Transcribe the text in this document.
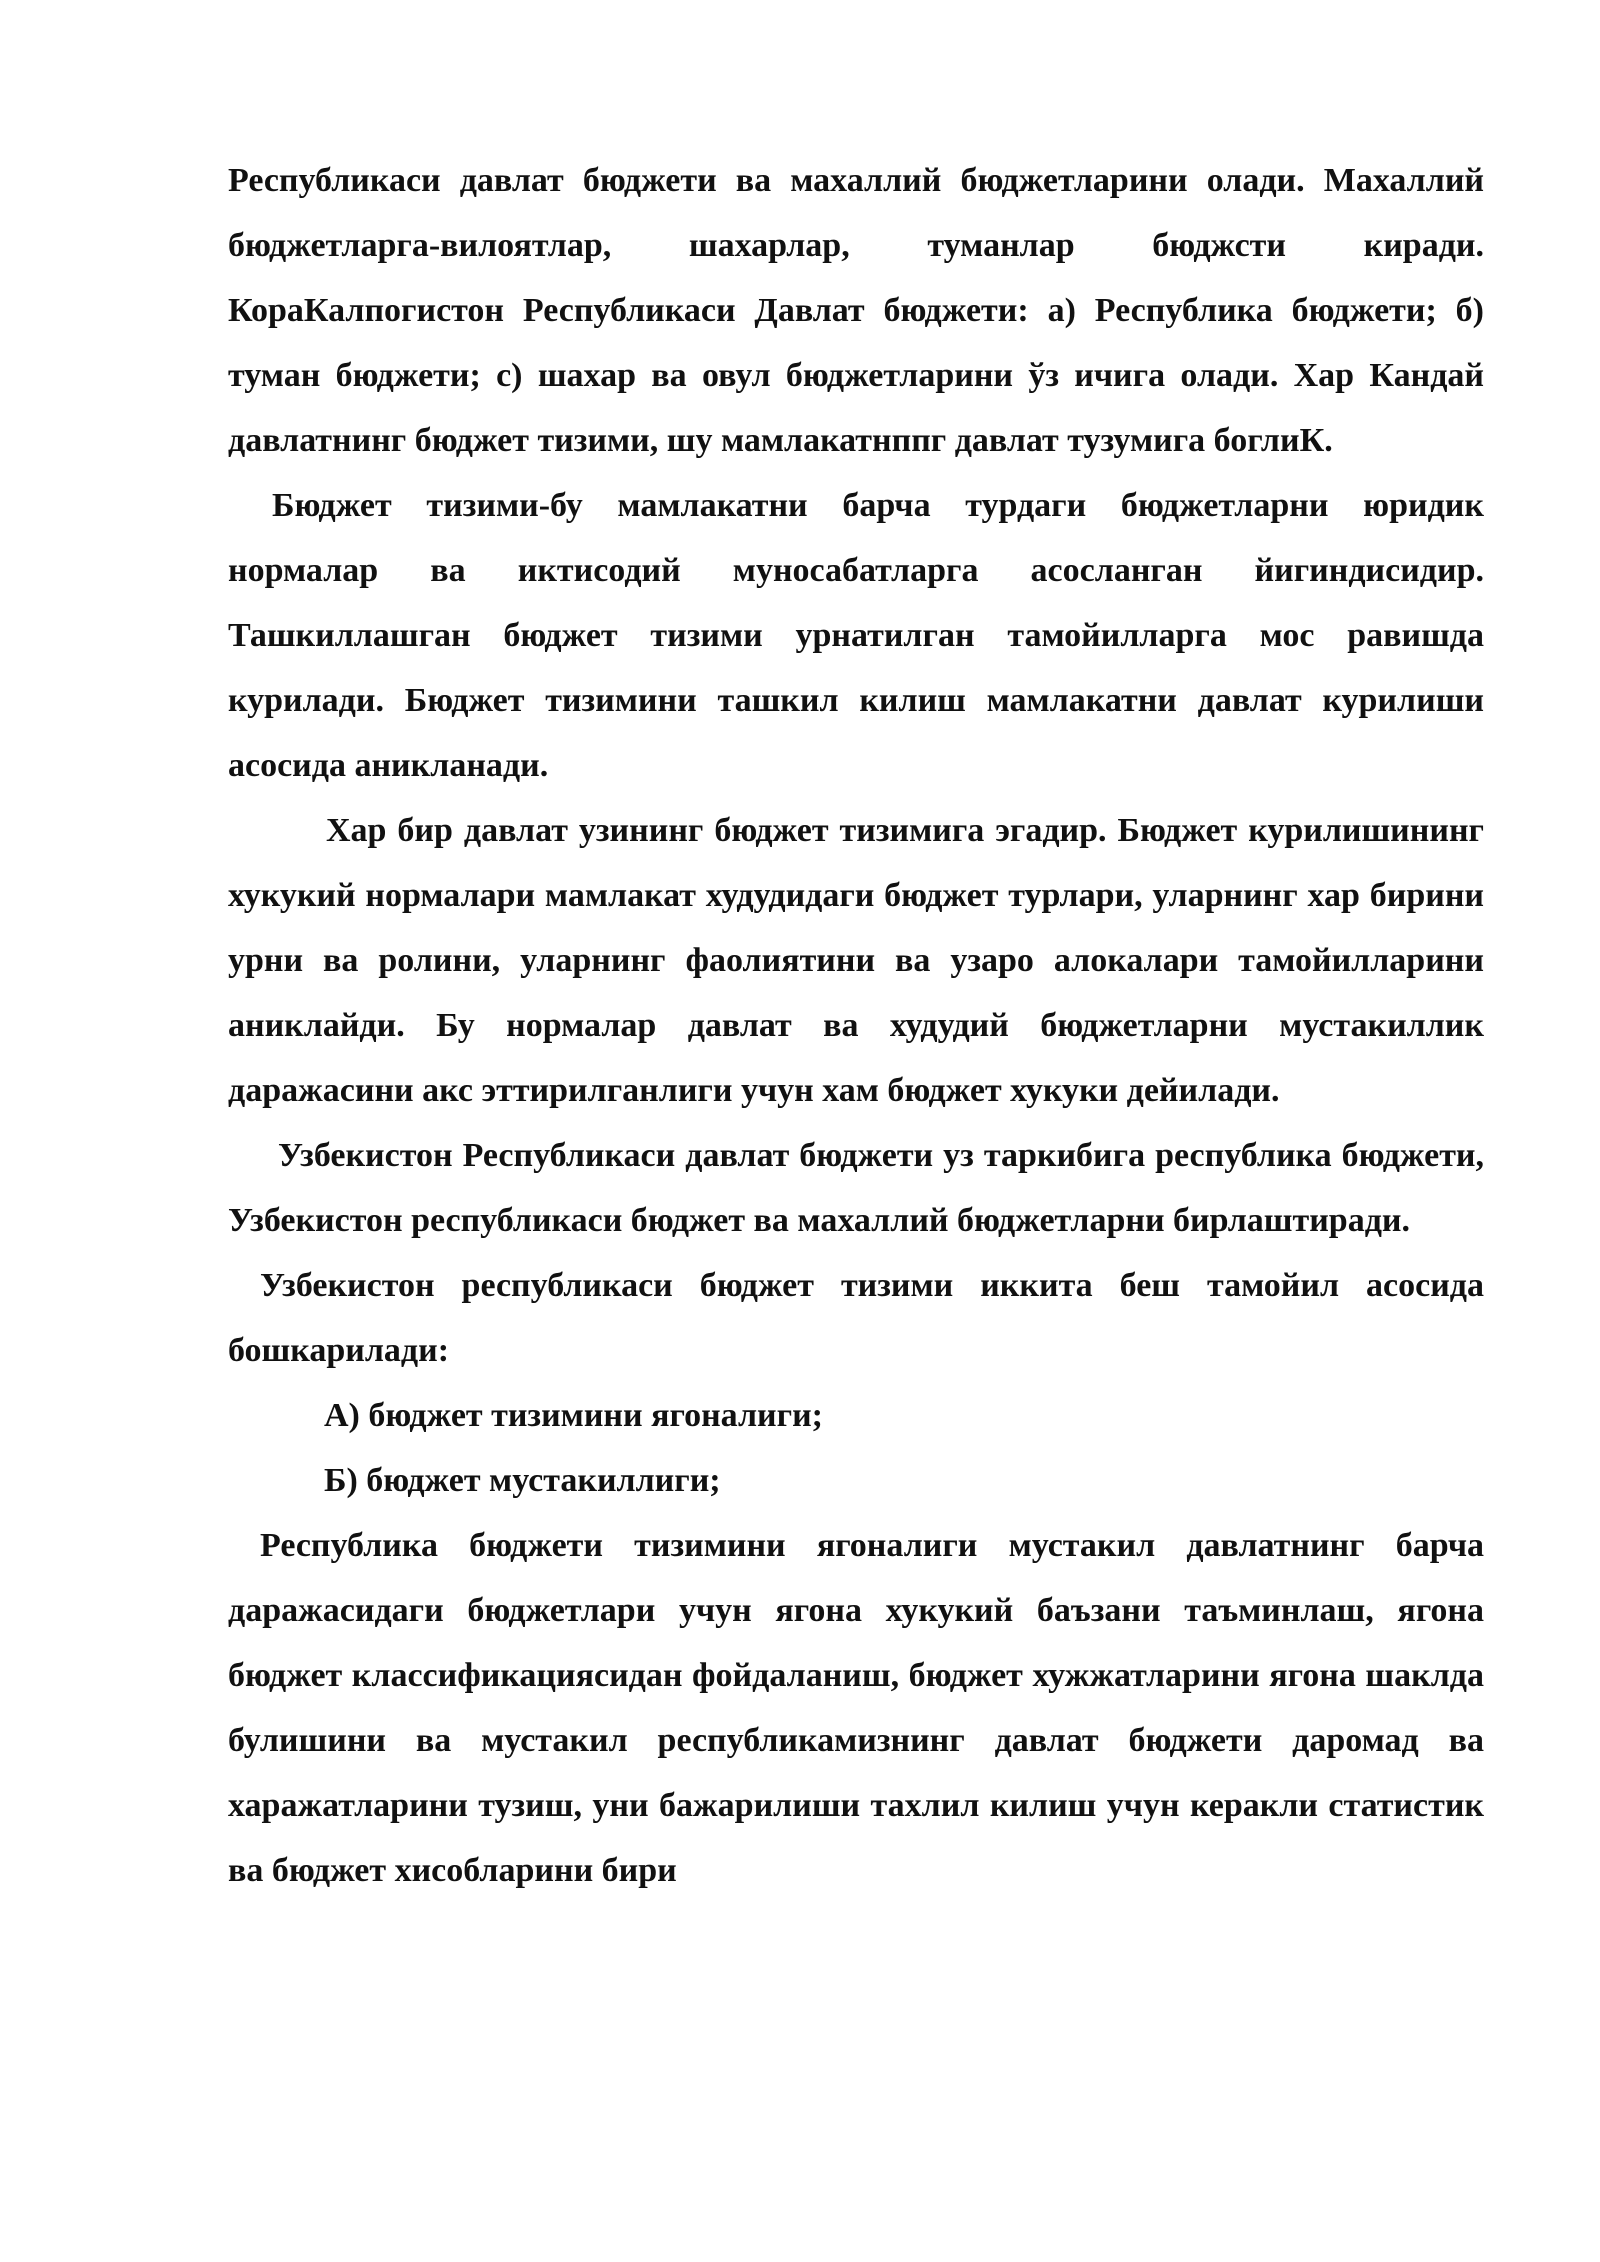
Республикаси давлат бюджети ва махаллий бюджетларини олади. Махаллий бюджетларга-вилоятлар, шахарлар, туманлар бюджсти киради. КораКалпогистон Республикаси Давлат бюджети: а) Республика бюджети; б) туман бюджети; с) шахар ва овул бюджетларини ўз ичига олади. Хар Кандай давлатнинг бюджет тизими, шу мамлакатнппг давлат тузумига боглиК.

Бюджет тизими-бу мамлакатни барча турдаги бюджетларни юридик нормалар ва иктисодий муносабатларга асосланган йигиндисидир. Ташкиллашган бюджет тизими урнатилган тамойилларга мос равишда курилади. Бюджет тизимини ташкил килиш мамлакатни давлат курилиши асосида аникланади.

Хар бир давлат узининг бюджет тизимига эгадир. Бюджет курилишининг хукукий нормалари мамлакат худудидаги бюджет турлари, уларнинг хар бирини урни ва ролини, уларнинг фаолиятини ва узаро алокалари тамойилларини аниклайди. Бу нормалар давлат ва худудий бюджетларни мустакиллик даражасини акс эттирилганлиги учун хам бюджет хукуки дейилади.

Узбекистон Республикаси давлат бюджети уз таркибига республика бюджети, Узбекистон республикаси бюджет ва махаллий бюджетларни бирлаштиради.

Узбекистон республикаси бюджет тизими иккита беш тамойил асосида бошкарилади:

А) бюджет тизимини ягоналиги;

Б) бюджет мустакиллиги;

Республика бюджети тизимини ягоналиги мустакил давлатнинг барча даражасидаги бюджетлари учун ягона хукукий баъзани таъминлаш, ягона бюджет классификациясидан фойдаланиш, бюджет хужжатларини ягона шаклда булишини ва мустакил республикамизнинг давлат бюджети даромад ва харажатларини тузиш, уни бажарилиши тахлил килиш учун керакли статистик ва бюджет хисобларини бири
